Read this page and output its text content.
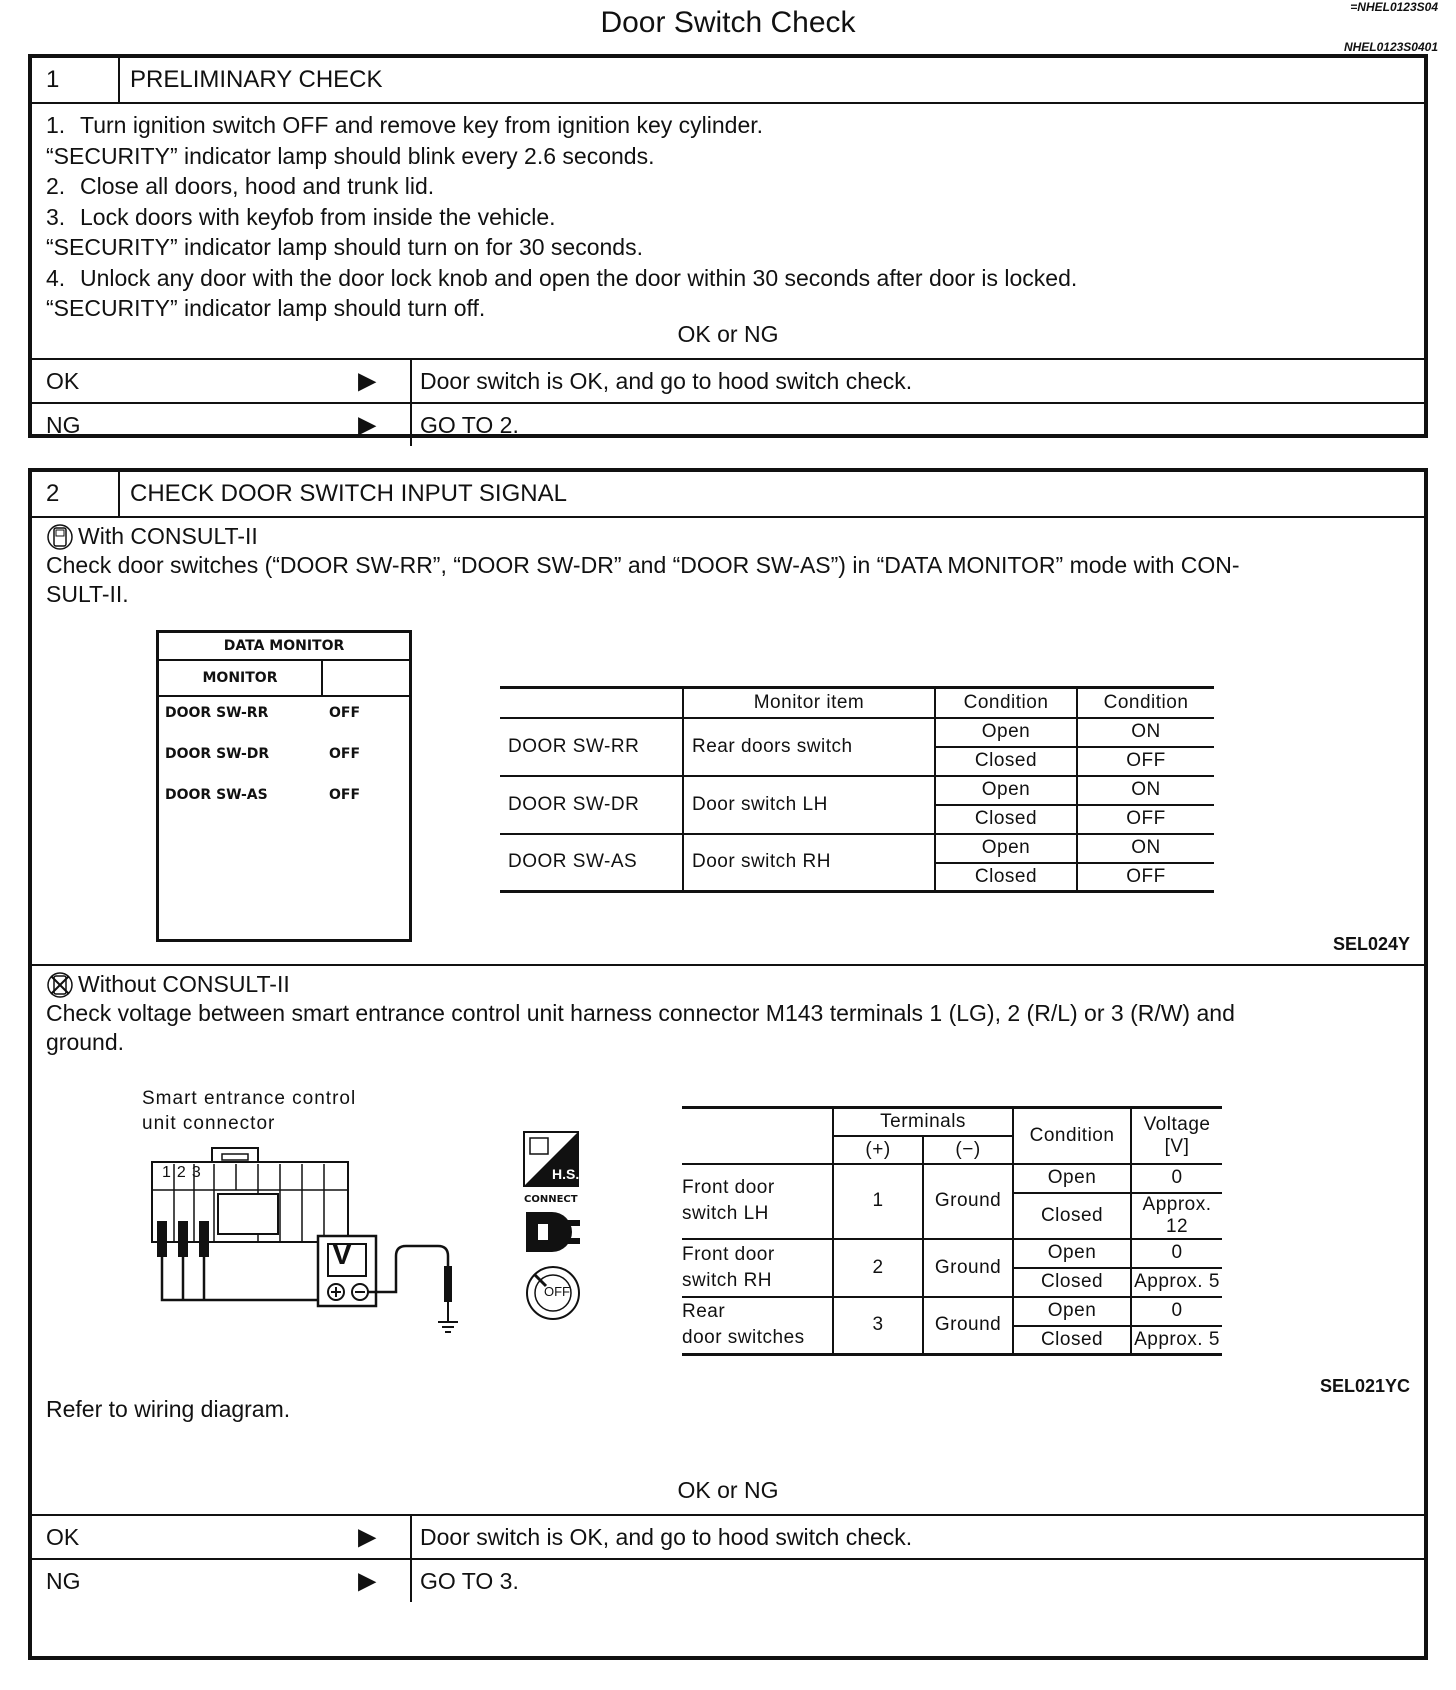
=NHEL0123S04
Door Switch Check
NHEL0123S0401
1	PRELIMINARY CHECK
1. Turn ignition switch OFF and remove key from ignition key cylinder.
“SECURITY” indicator lamp should blink every 2.6 seconds.
2. Close all doors, hood and trunk lid.
3. Lock doors with keyfob from inside the vehicle.
“SECURITY” indicator lamp should turn on for 30 seconds.
4. Unlock any door with the door lock knob and open the door within 30 seconds after door is locked.
“SECURITY” indicator lamp should turn off.
OK or NG
OK	▶	Door switch is OK, and go to hood switch check.
NG	▶	GO TO 2.
2	CHECK DOOR SWITCH INPUT SIGNAL
With CONSULT-II
Check door switches (“DOOR SW-RR”, “DOOR SW-DR” and “DOOR SW-AS”) in “DATA MONITOR” mode with CON-
SULT-II.
DATA MONITOR
MONITOR
DOOR SW-RR	OFF
DOOR SW-DR	OFF
DOOR SW-AS	OFF
	Monitor item	Condition	Condition
DOOR SW-RR	Rear doors switch	Open	ON
		Closed	OFF
DOOR SW-DR	Door switch LH	Open	ON
		Closed	OFF
DOOR SW-AS	Door switch RH	Open	ON
		Closed	OFF
SEL024Y
Without CONSULT-II
Check voltage between smart entrance control unit harness connector M143 terminals 1 (LG), 2 (R/L) or 3 (R/W) and
ground.
Smart entrance control
unit connector
1 2 3
V
H.S.
CONNECT
OFF
	Terminals		Condition	Voltage [V]
	(+)	(−)		

Front door
switch LH	1	Ground	Open	0
			Closed	Approx. 12

Front door
switch RH	2	Ground	Open	0
			Closed	Approx. 5

Rear
door switches	3	Ground	Open	0
			Closed	Approx. 5
SEL021YC
Refer to wiring diagram.
OK or NG
OK	▶	Door switch is OK, and go to hood switch check.
NG	▶	GO TO 3.
